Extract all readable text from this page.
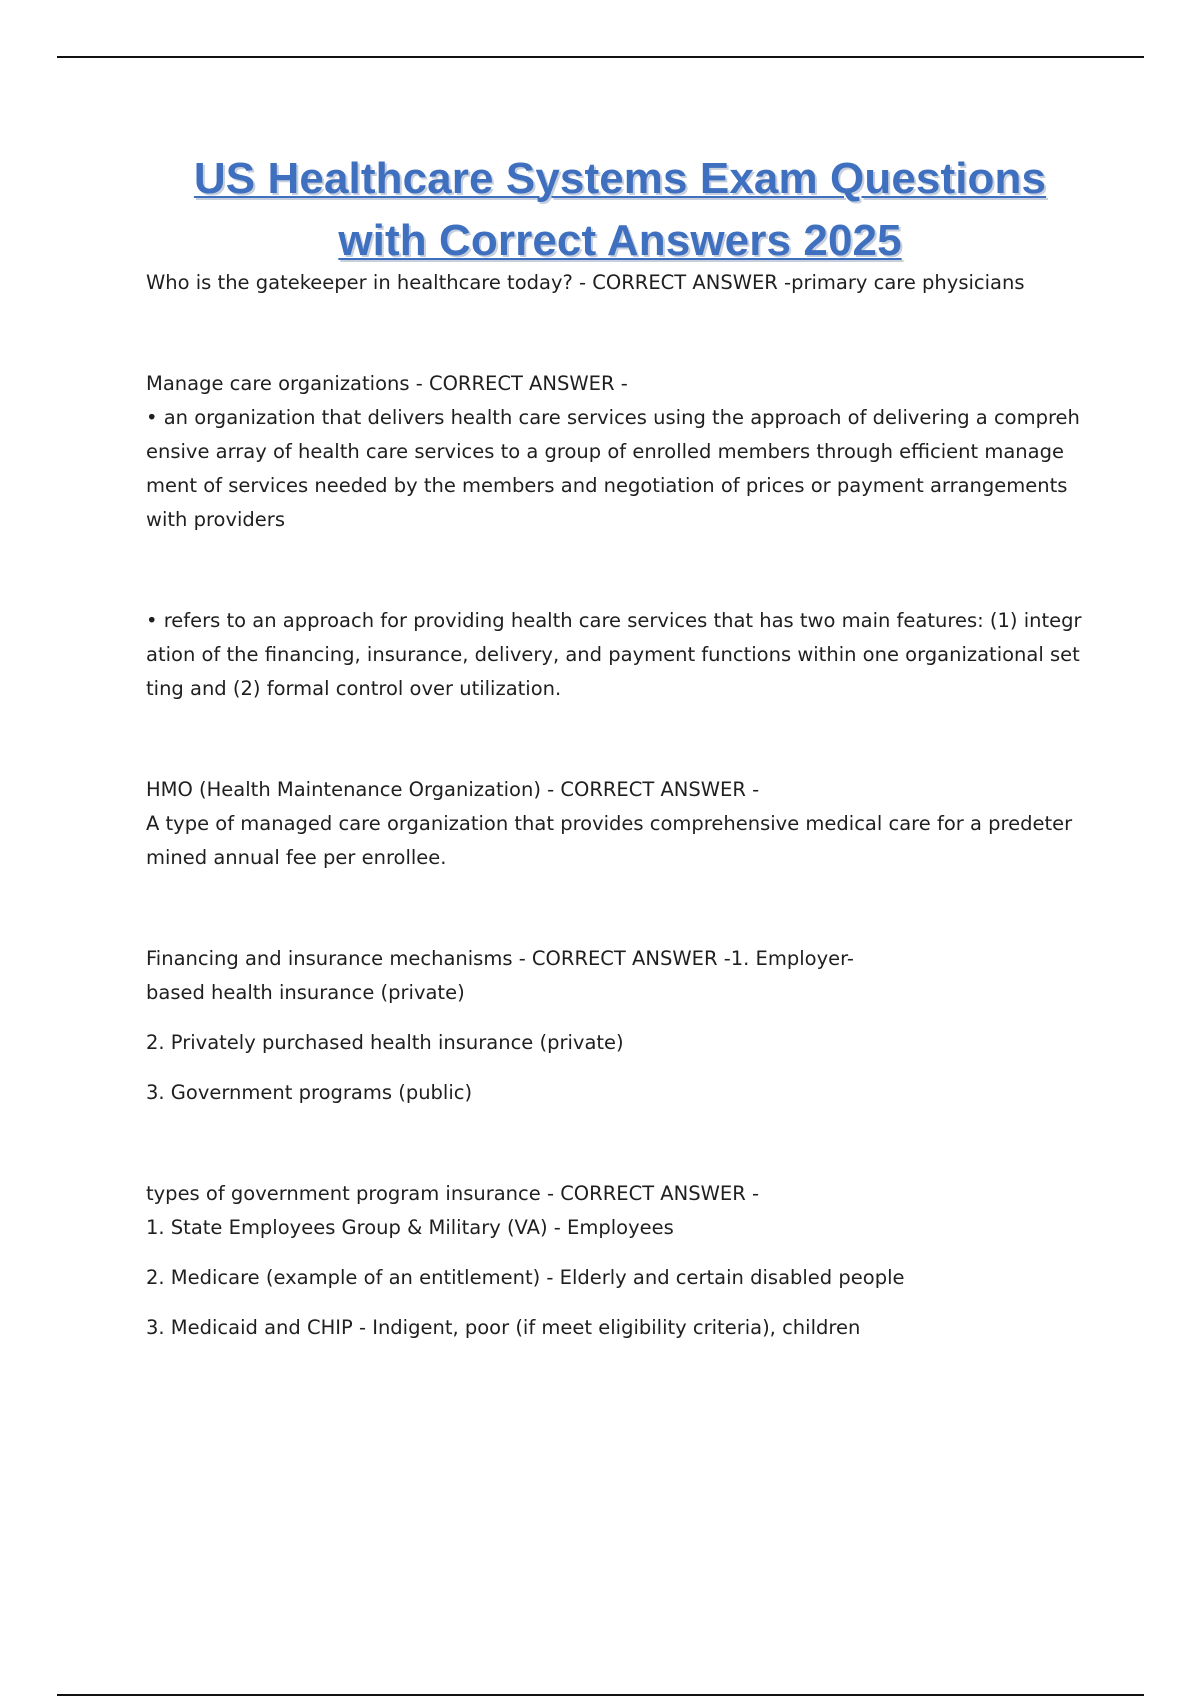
US Healthcare Systems Exam Questions
with Correct Answers 2025
Who is the gatekeeper in healthcare today? - CORRECT ANSWER -primary care physicians
Manage care organizations - CORRECT ANSWER -
• an organization that delivers health care services using the approach of delivering a compreh
ensive array of health care services to a group of enrolled members through efficient manage
ment of services needed by the members and negotiation of prices or payment arrangements
with providers
• refers to an approach for providing health care services that has two main features: (1) integr
ation of the financing, insurance, delivery, and payment functions within one organizational set
ting and (2) formal control over utilization.
HMO (Health Maintenance Organization) - CORRECT ANSWER -
A type of managed care organization that provides comprehensive medical care for a predeter
mined annual fee per enrollee.
Financing and insurance mechanisms - CORRECT ANSWER -1. Employer-
based health insurance (private)
2. Privately purchased health insurance (private)
3. Government programs (public)
types of government program insurance - CORRECT ANSWER -
1. State Employees Group & Military (VA) - Employees
2. Medicare (example of an entitlement) - Elderly and certain disabled people
3. Medicaid and CHIP - Indigent, poor (if meet eligibility criteria), children
